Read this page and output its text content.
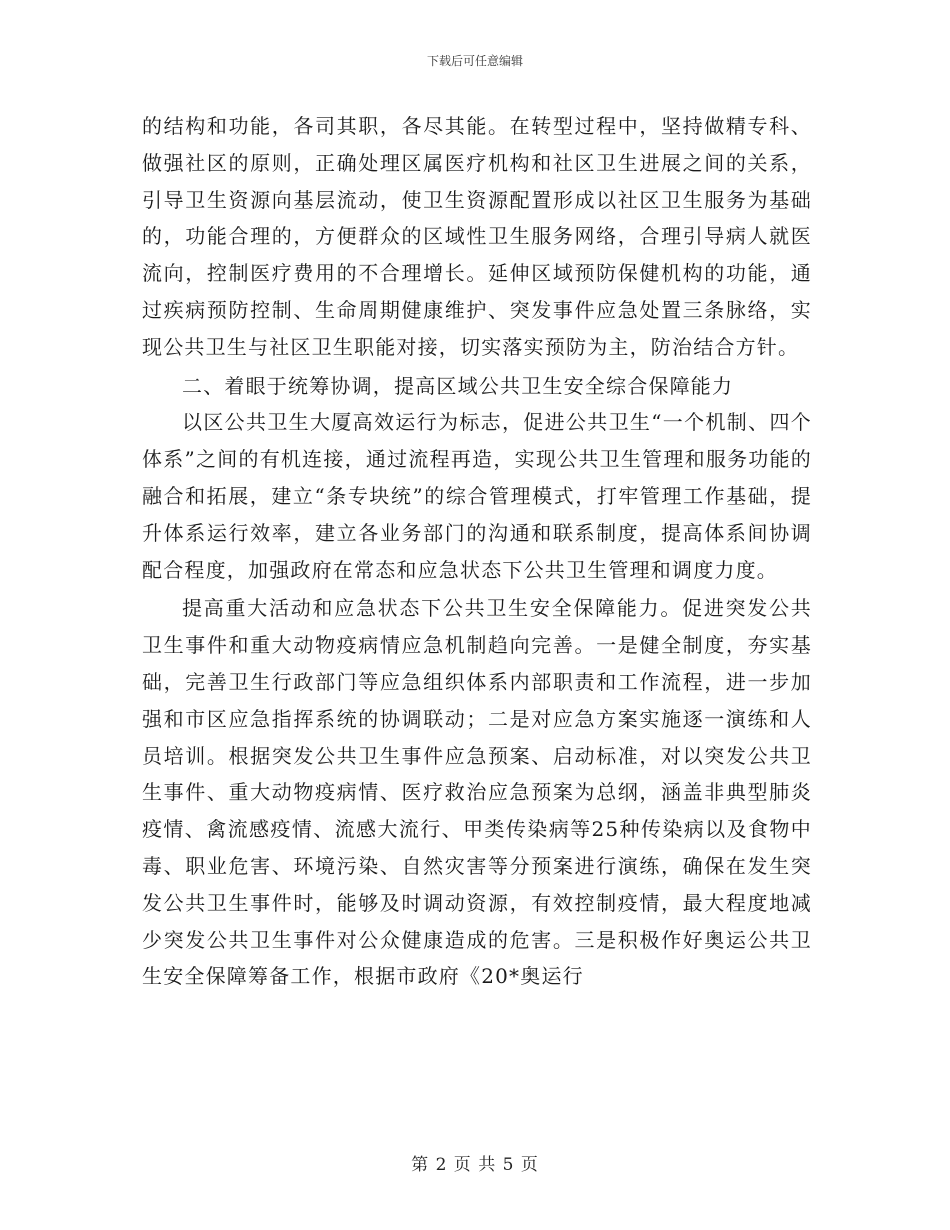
下载后可任意编辑

的结构和功能，各司其职，各尽其能。在转型过程中，坚持做精专科、做强社区的原则，正确处理区属医疗机构和社区卫生进展之间的关系，引导卫生资源向基层流动，使卫生资源配置形成以社区卫生服务为基础的，功能合理的，方便群众的区域性卫生服务网络，合理引导病人就医流向，控制医疗费用的不合理增长。延伸区域预防保健机构的功能，通过疾病预防控制、生命周期健康维护、突发事件应急处置三条脉络，实现公共卫生与社区卫生职能对接，切实落实预防为主，防治结合方针。

二、着眼于统筹协调，提高区域公共卫生安全综合保障能力

以区公共卫生大厦高效运行为标志，促进公共卫生“一个机制、四个体系”之间的有机连接，通过流程再造，实现公共卫生管理和服务功能的融合和拓展，建立“条专块统”的综合管理模式，打牢管理工作基础，提升体系运行效率，建立各业务部门的沟通和联系制度，提高体系间协调配合程度，加强政府在常态和应急状态下公共卫生管理和调度力度。

提高重大活动和应急状态下公共卫生安全保障能力。促进突发公共卫生事件和重大动物疫病情应急机制趋向完善。一是健全制度，夯实基础，完善卫生行政部门等应急组织体系内部职责和工作流程，进一步加强和市区应急指挥系统的协调联动；二是对应急方案实施逐一演练和人员培训。根据突发公共卫生事件应急预案、启动标准，对以突发公共卫生事件、重大动物疫病情、医疗救治应急预案为总纲，涵盖非典型肺炎疫情、禽流感疫情、流感大流行、甲类传染病等25种传染病以及食物中毒、职业危害、环境污染、自然灾害等分预案进行演练，确保在发生突发公共卫生事件时，能够及时调动资源，有效控制疫情，最大程度地减少突发公共卫生事件对公众健康造成的危害。三是积极作好奥运公共卫生安全保障筹备工作，根据市政府《20*奥运行

第 2 页 共 5 页
